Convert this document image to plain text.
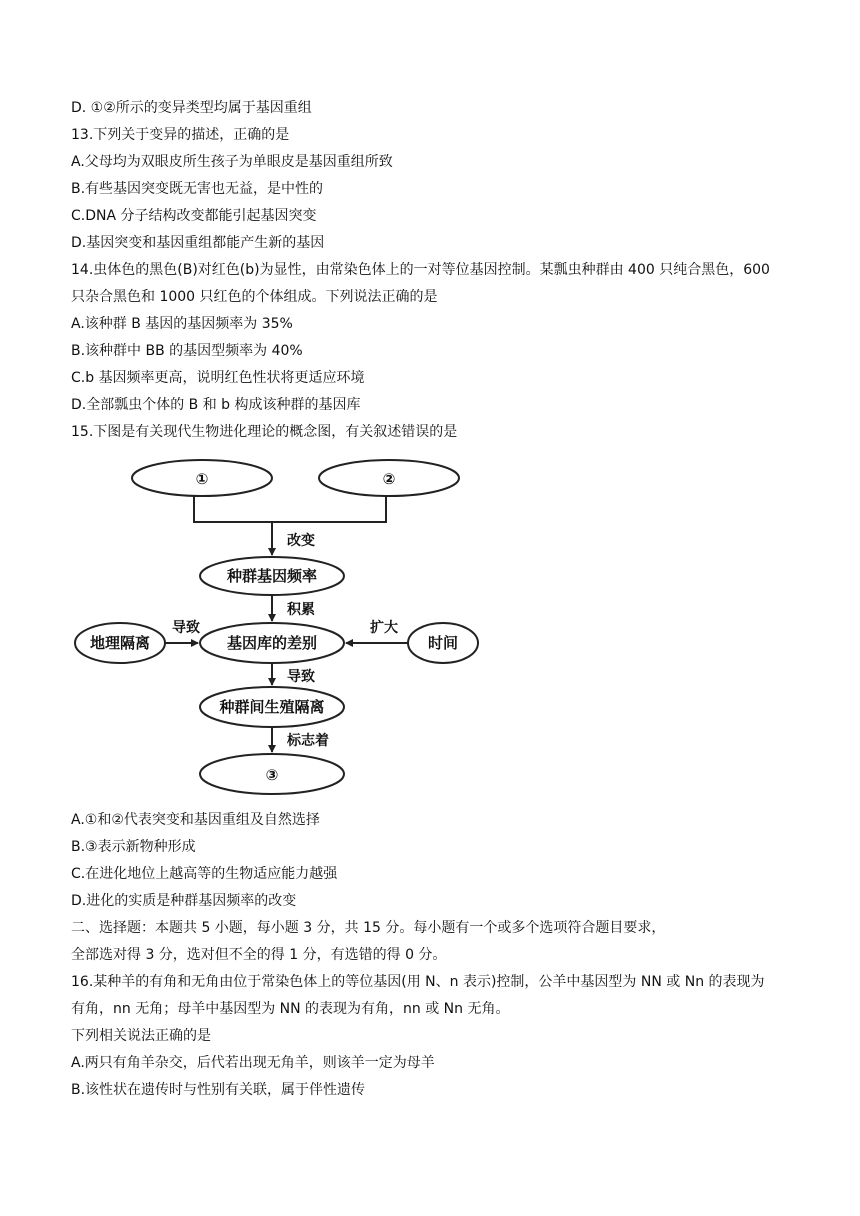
D. ①②所示的变异类型均属于基因重组
13.下列关于变异的描述，正确的是
A.父母均为双眼皮所生孩子为单眼皮是基因重组所致
B.有些基因突变既无害也无益，是中性的
C.DNA 分子结构改变都能引起基因突变
D.基因突变和基因重组都能产生新的基因
14.虫体色的黑色(B)对红色(b)为显性，由常染色体上的一对等位基因控制。某瓢虫种群由 400 只纯合黑色，600
只杂合黑色和 1000 只红色的个体组成。下列说法正确的是
A.该种群 B 基因的基因频率为 35%
B.该种群中 BB 的基因型频率为 40%
C.b 基因频率更高，说明红色性状将更适应环境
D.全部瓢虫个体的 B 和 b 构成该种群的基因库
15.下图是有关现代生物进化理论的概念图，有关叙述错误的是
①	②
种群基因频率
地理隔离	基因库的差别	时间
种群间生殖隔离
③
改变
积累
导致	扩大
导致
标志着
A.①和②代表突变和基因重组及自然选择
B.③表示新物种形成
C.在进化地位上越高等的生物适应能力越强
D.进化的实质是种群基因频率的改变
二、选择题：本题共 5 小题，每小题 3 分，共 15 分。每小题有一个或多个选项符合题目要求，
全部选对得 3 分，选对但不全的得 1 分，有选错的得 0 分。
16.某种羊的有角和无角由位于常染色体上的等位基因(用 N、n 表示)控制，公羊中基因型为 NN 或 Nn 的表现为
有角，nn 无角；母羊中基因型为 NN 的表现为有角，nn 或 Nn 无角。
下列相关说法正确的是
A.两只有角羊杂交，后代若出现无角羊，则该羊一定为母羊
B.该性状在遗传时与性别有关联，属于伴性遗传
